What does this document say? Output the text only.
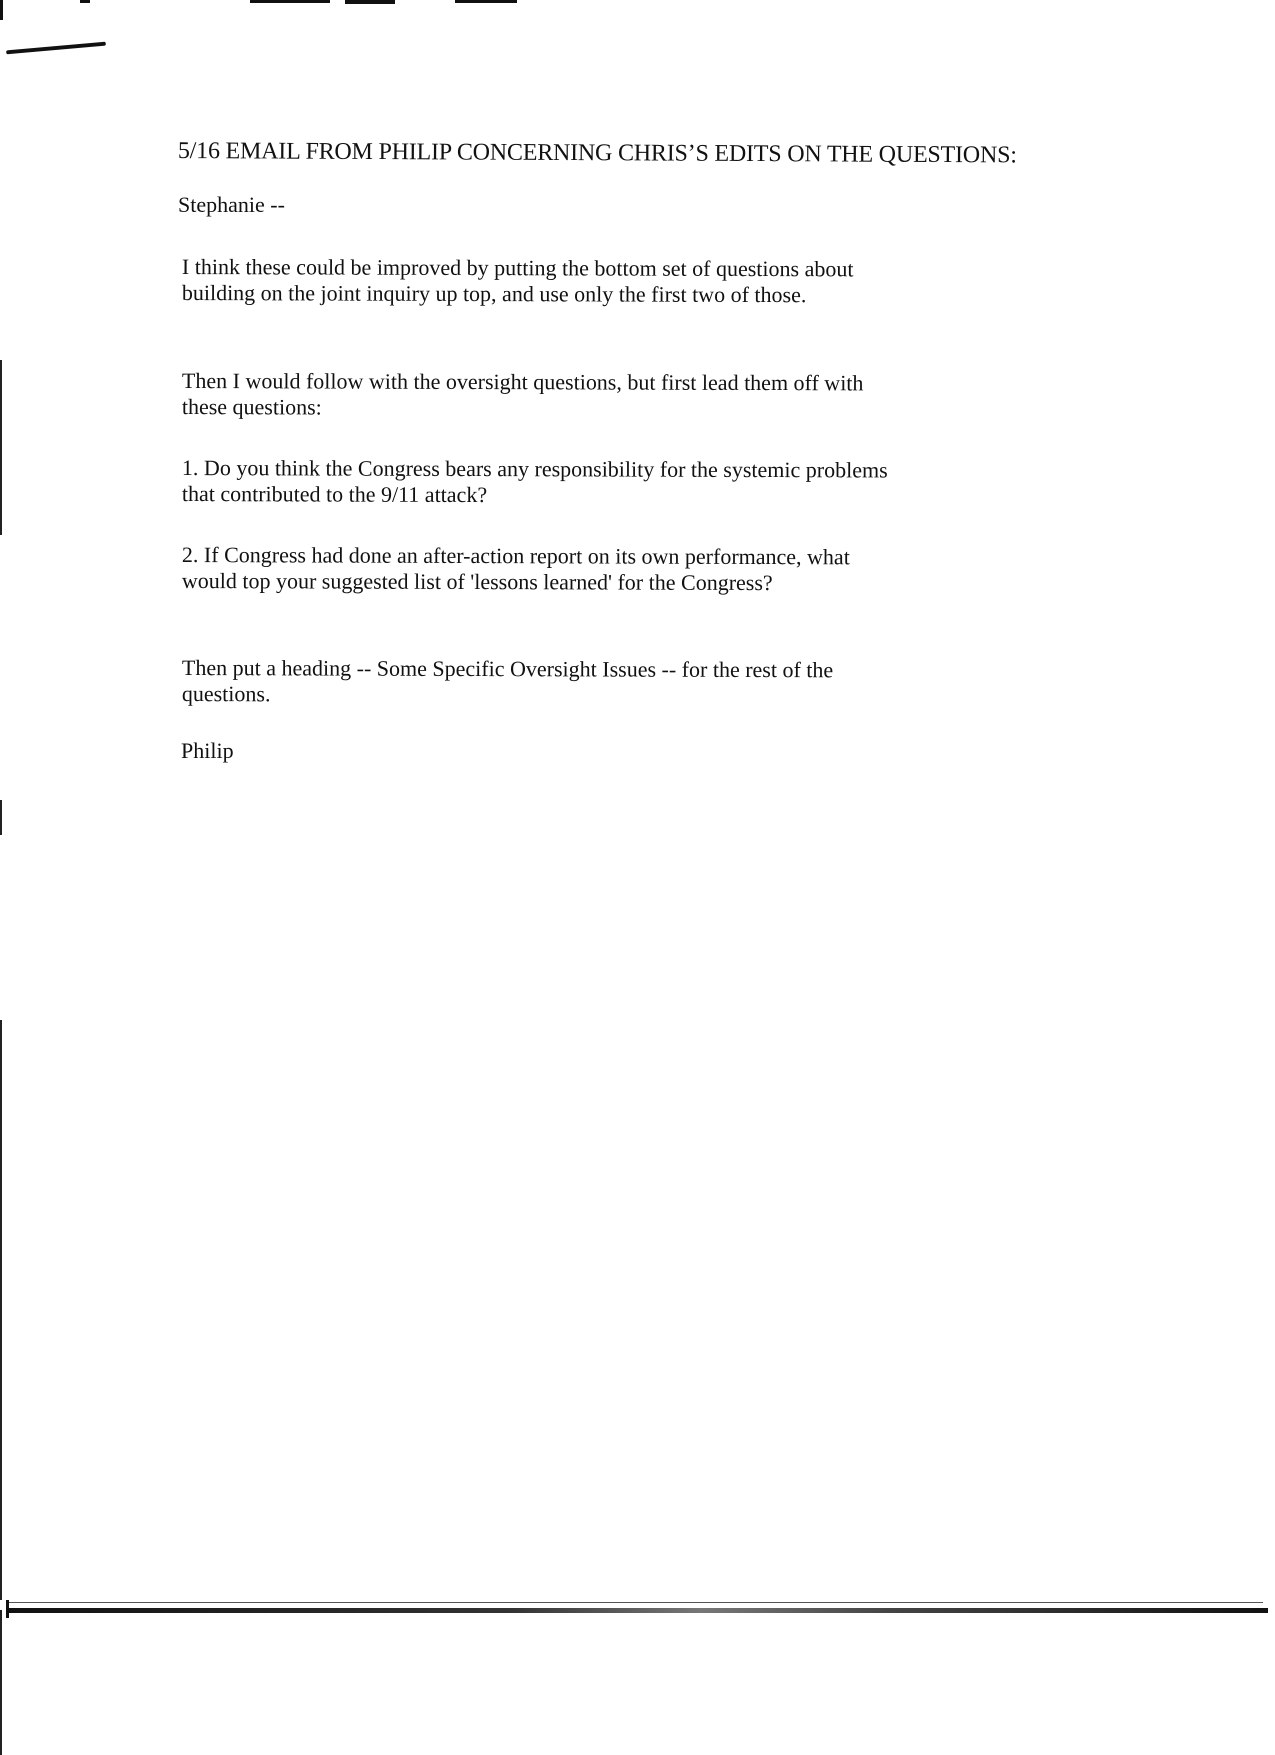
5/16 EMAIL FROM PHILIP CONCERNING CHRIS’S EDITS ON THE QUESTIONS:
Stephanie --

I think these could be improved by putting the bottom set of questions about building on the joint inquiry up top, and use only the first two of those.

Then I would follow with the oversight questions, but first lead them off with these questions:

1. Do you think the Congress bears any responsibility for the systemic problems that contributed to the 9/11 attack?

2. If Congress had done an after-action report on its own performance, what would top your suggested list of 'lessons learned' for the Congress?

Then put a heading -- Some Specific Oversight Issues -- for the rest of the questions.

Philip
